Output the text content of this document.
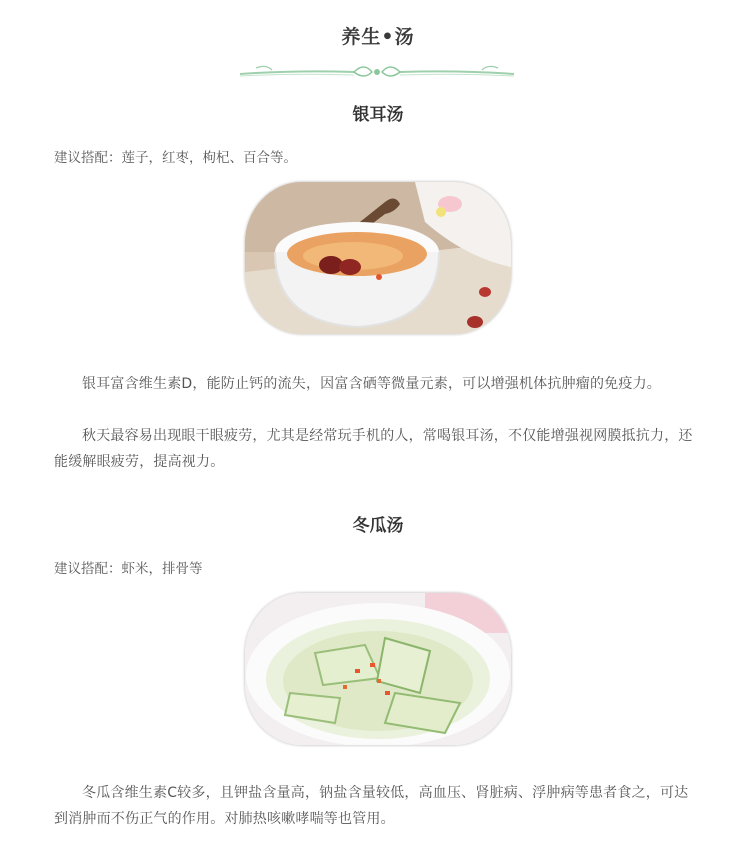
养生•汤
银耳汤
建议搭配：莲子，红枣，枸杞、百合等。

银耳富含维生素D，能防止钙的流失，因富含硒等微量元素，可以增强机体抗肿瘤的免疫力。

秋天最容易出现眼干眼疲劳，尤其是经常玩手机的人，常喝银耳汤，不仅能增强视网膜抵抗力，还能缓解眼疲劳，提高视力。

冬瓜汤
建议搭配：虾米，排骨等

冬瓜含维生素C较多，且钾盐含量高，钠盐含量较低，高血压、肾脏病、浮肿病等患者食之，可达到消肿而不伤正气的作用。对肺热咳嗽哮喘等也管用。
